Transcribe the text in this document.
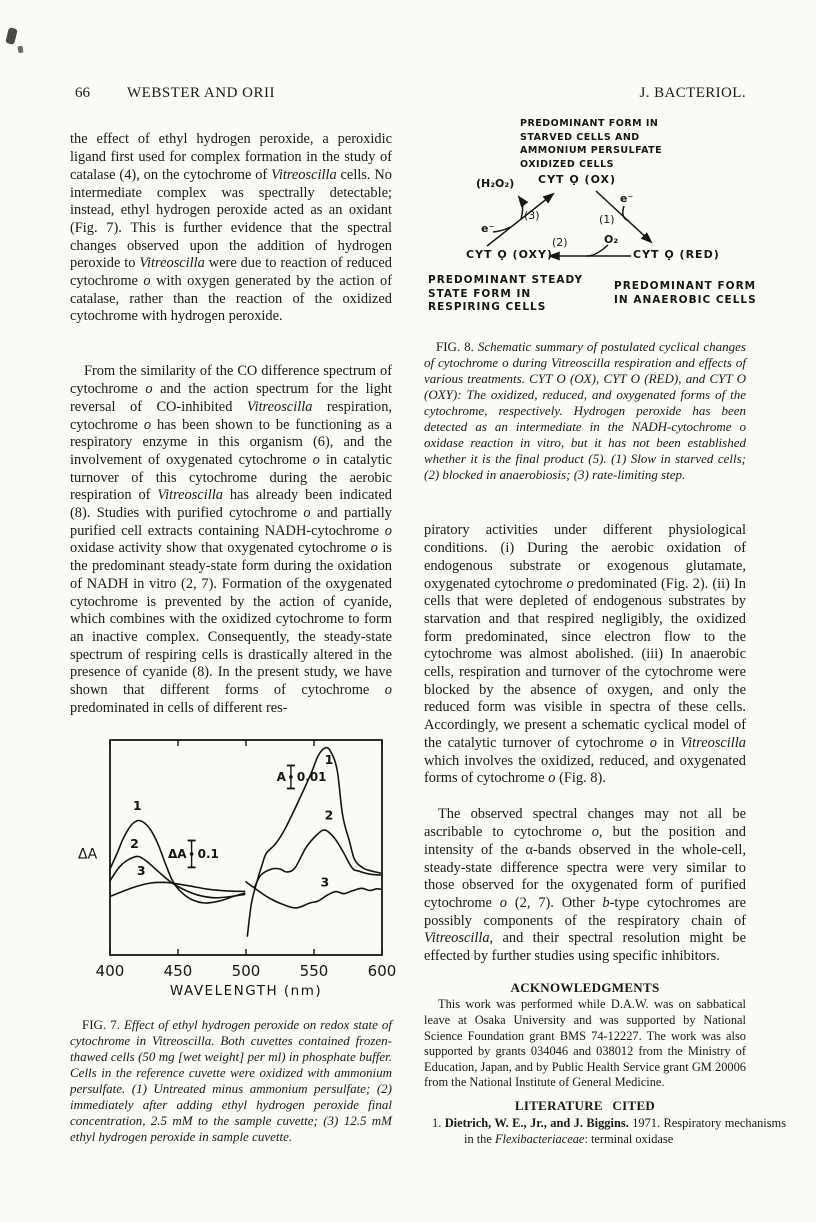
66 WEBSTER AND ORII	J. BACTERIOL.

the effect of ethyl hydrogen peroxide, a peroxidic ligand first used for complex formation in the study of catalase (4), on the cytochrome of Vitreoscilla cells. No intermediate complex was spectrally detectable; instead, ethyl hydrogen peroxide acted as an oxidant (Fig. 7). This is further evidence that the spectral changes observed upon the addition of hydrogen peroxide to Vitreoscilla were due to reaction of reduced cytochrome o with oxygen generated by the action of catalase, rather than the reaction of the oxidized cytochrome with hydrogen peroxide.

From the similarity of the CO difference spectrum of cytochrome o and the action spectrum for the light reversal of CO-inhibited Vitreoscilla respiration, cytochrome o has been shown to be functioning as a respiratory enzyme in this organism (6), and the involvement of oxygenated cytochrome o in catalytic turnover of this cytochrome during the aerobic respiration of Vitreoscilla has already been indicated (8). Studies with purified cytochrome o and partially purified cell extracts containing NADH-cytochrome o oxidase activity show that oxygenated cytochrome o is the predominant steady-state form during the oxidation of NADH in vitro (2, 7). Formation of the oxygenated cytochrome is prevented by the action of cyanide, which combines with the oxidized cytochrome to form an inactive complex. Consequently, the steady-state spectrum of respiring cells is drastically altered in the presence of cyanide (8). In the present study, we have shown that different forms of cytochrome o predominated in cells of different res-

400	450	500	550	600
WAVELENGTH (nm)
ΔA
1
1
2
2
3
3
ΔA 0.1
A 0.01

FIG. 7. Effect of ethyl hydrogen peroxide on redox state of cytochrome in Vitreoscilla. Both cuvettes contained frozen-thawed cells (50 mg [wet weight] per ml) in phosphate buffer. Cells in the reference cuvette were oxidized with ammonium persulfate. (1) Untreated minus ammonium persulfate; (2) immediately after adding ethyl hydrogen peroxide final concentration, 2.5 mM to the sample cuvette; (3) 12.5 mM ethyl hydrogen peroxide in sample cuvette.

PREDOMINANT FORM IN
STARVED CELLS AND
AMMONIUM PERSULFATE
OXIDIZED CELLS
(H₂O₂) CYT Ọ (OX)
e⁻
(3)	(1)
e⁻
(2)	O₂
CYT Ọ (OXY)	CYT Ọ (RED)
PREDOMINANT STEADY
STATE FORM IN
RESPIRING CELLS
PREDOMINANT FORM
IN ANAEROBIC CELLS

FIG. 8. Schematic summary of postulated cyclical changes of cytochrome o during Vitreoscilla respiration and effects of various treatments. CYT O (OX), CYT O (RED), and CYT O (OXY): The oxidized, reduced, and oxygenated forms of the cytochrome, respectively. Hydrogen peroxide has been detected as an intermediate in the NADH-cytochrome o oxidase reaction in vitro, but it has not been established whether it is the final product (5). (1) Slow in starved cells; (2) blocked in anaerobiosis; (3) rate-limiting step.

piratory activities under different physiological conditions. (i) During the aerobic oxidation of endogenous substrate or exogenous glutamate, oxygenated cytochrome o predominated (Fig. 2). (ii) In cells that were depleted of endogenous substrates by starvation and that respired negligibly, the oxidized form predominated, since electron flow to the cytochrome was almost abolished. (iii) In anaerobic cells, respiration and turnover of the cytochrome were blocked by the absence of oxygen, and only the reduced form was visible in spectra of these cells. Accordingly, we present a schematic cyclical model of the catalytic turnover of cytochrome o in Vitreoscilla which involves the oxidized, reduced, and oxygenated forms of cytochrome o (Fig. 8).

The observed spectral changes may not all be ascribable to cytochrome o, but the position and intensity of the α-bands observed in the whole-cell, steady-state difference spectra were very similar to those observed for the oxygenated form of purified cytochrome o (2, 7). Other b-type cytochromes are possibly components of the respiratory chain of Vitreoscilla, and their spectral resolution might be effected by further studies using specific inhibitors.

ACKNOWLEDGMENTS

This work was performed while D.A.W. was on sabbatical leave at Osaka University and was supported by National Science Foundation grant BMS 74-12227. The work was also supported by grants 034046 and 038012 from the Ministry of Education, Japan, and by Public Health Service grant GM 20006 from the National Institute of General Medicine.

LITERATURE CITED

1. Dietrich, W. E., Jr., and J. Biggins. 1971. Respiratory mechanisms in the Flexibacteriaceae: terminal oxidase
